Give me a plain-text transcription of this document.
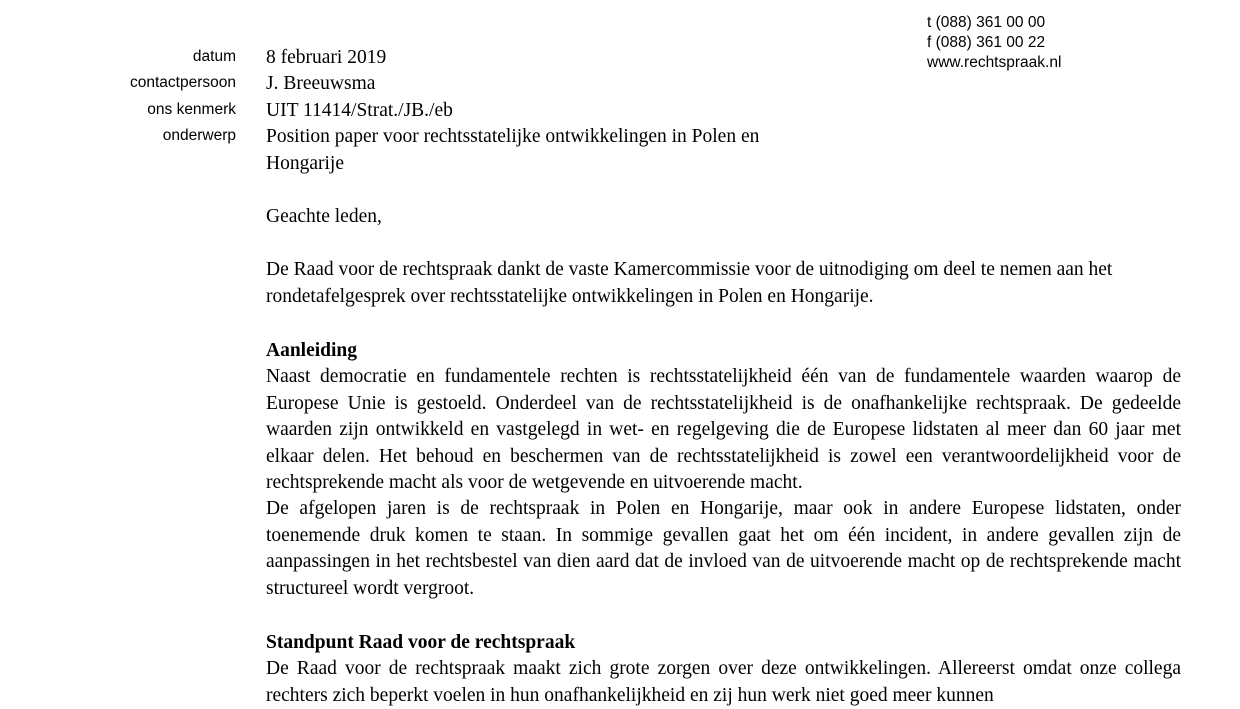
t (088) 361 00 00
f (088) 361 00 22
www.rechtspraak.nl
datum 8 februari 2019
contactpersoon J. Breeuwsma
ons kenmerk UIT 11414/Strat./JB./eb
onderwerp Position paper voor rechtsstatelijke ontwikkelingen in Polen en Hongarije
Geachte leden,
De Raad voor de rechtspraak dankt de vaste Kamercommissie voor de uitnodiging om deel te nemen aan het rondetafelgesprek over rechtsstatelijke ontwikkelingen in Polen en Hongarije.
Aanleiding
Naast democratie en fundamentele rechten is rechtsstatelijkheid één van de fundamentele waarden waarop de Europese Unie is gestoeld. Onderdeel van de rechtsstatelijkheid is de onafhankelijke rechtspraak. De gedeelde waarden zijn ontwikkeld en vastgelegd in wet- en regelgeving die de Europese lidstaten al meer dan 60 jaar met elkaar delen. Het behoud en beschermen van de rechtsstatelijkheid is zowel een verantwoordelijkheid voor de rechtsprekende macht als voor de wetgevende en uitvoerende macht.
De afgelopen jaren is de rechtspraak in Polen en Hongarije, maar ook in andere Europese lidstaten, onder toenemende druk komen te staan. In sommige gevallen gaat het om één incident, in andere gevallen zijn de aanpassingen in het rechtsbestel van dien aard dat de invloed van de uitvoerende macht op de rechtsprekende macht structureel wordt vergroot.
Standpunt Raad voor de rechtspraak
De Raad voor de rechtspraak maakt zich grote zorgen over deze ontwikkelingen. Allereerst omdat onze collega rechters zich beperkt voelen in hun onafhankelijkheid en zij hun werk niet goed meer kunnen
